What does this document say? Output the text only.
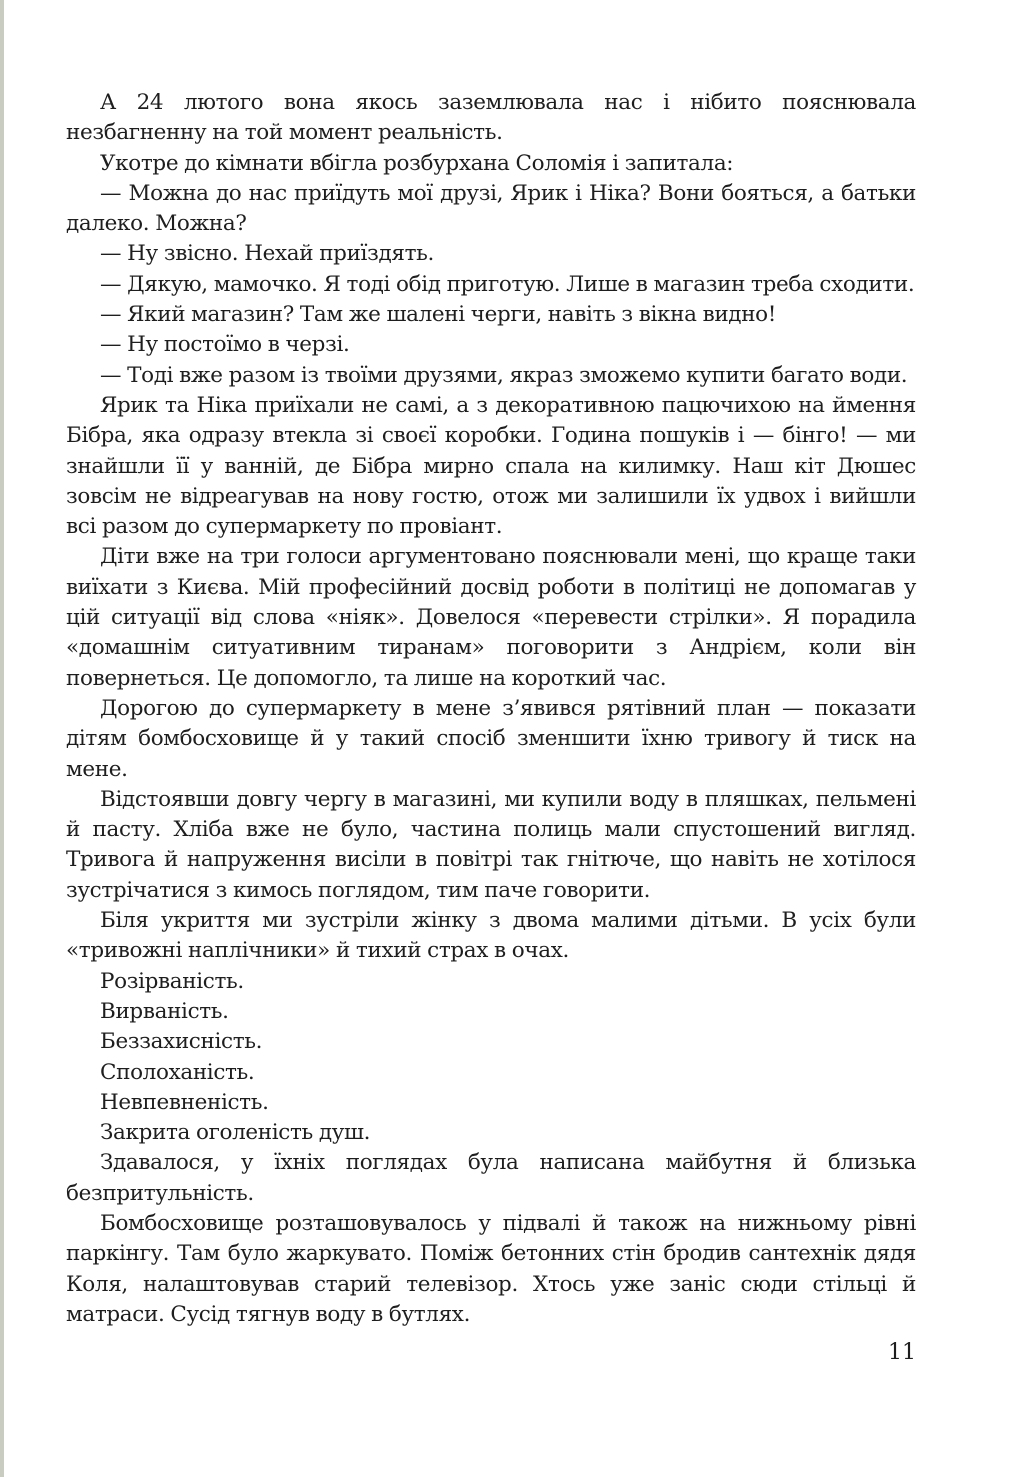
А 24 лютого вона якось заземлювала нас і нібито пояснювала незбагненну на той момент реальність.

Укотре до кімнати вбігла розбурхана Соломія і запитала:

— Можна до нас приїдуть мої друзі, Ярик і Ніка? Вони бояться, а батьки далеко. Можна?

— Ну звісно. Нехай приїздять.

— Дякую, мамочко. Я тоді обід приготую. Лише в магазин треба сходити.

— Який магазин? Там же шалені черги, навіть з вікна видно!

— Ну постоїмо в черзі.

— Тоді вже разом із твоїми друзями, якраз зможемо купити багато води.

Ярик та Ніка приїхали не самі, а з декоративною пацючихою на ймення Бібра, яка одразу втекла зі своєї коробки. Година пошуків і — бінго! — ми знайшли її у ванній, де Бібра мирно спала на килимку. Наш кіт Дюшес зовсім не відреагував на нову гостю, отож ми залишили їх удвох і вийшли всі разом до супермаркету по провіант.

Діти вже на три голоси аргументовано пояснювали мені, що краще таки виїхати з Києва. Мій професійний досвід роботи в політиці не допомагав у цій ситуації від слова «ніяк». Довелося «перевести стрілки». Я порадила «домашнім ситуативним тиранам» поговорити з Андрієм, коли він повернеться. Це допомогло, та лише на короткий час.

Дорогою до супермаркету в мене з’явився рятівний план — показати дітям бомбосховище й у такий спосіб зменшити їхню тривогу й тиск на мене.

Відстоявши довгу чергу в магазині, ми купили воду в пляшках, пельмені й пасту. Хліба вже не було, частина полиць мали спустошений вигляд. Тривога й напруження висіли в повітрі так гнітюче, що навіть не хотілося зустрічатися з кимось поглядом, тим паче говорити.

Біля укриття ми зустріли жінку з двома малими дітьми. В усіх були «тривожні наплічники» й тихий страх в очах.

Розірваність.

Вирваність.

Беззахисність.

Сполоханість.

Невпевненість.

Закрита оголеність душ.

Здавалося, у їхніх поглядах була написана майбутня й близька безпритульність.

Бомбосховище розташовувалось у підвалі й також на нижньому рівні паркінгу. Там було жаркувато. Поміж бетонних стін бродив сантехнік дядя Коля, налаштовував старий телевізор. Хтось уже заніс сюди стільці й матраси. Сусід тягнув воду в бутлях.

11
